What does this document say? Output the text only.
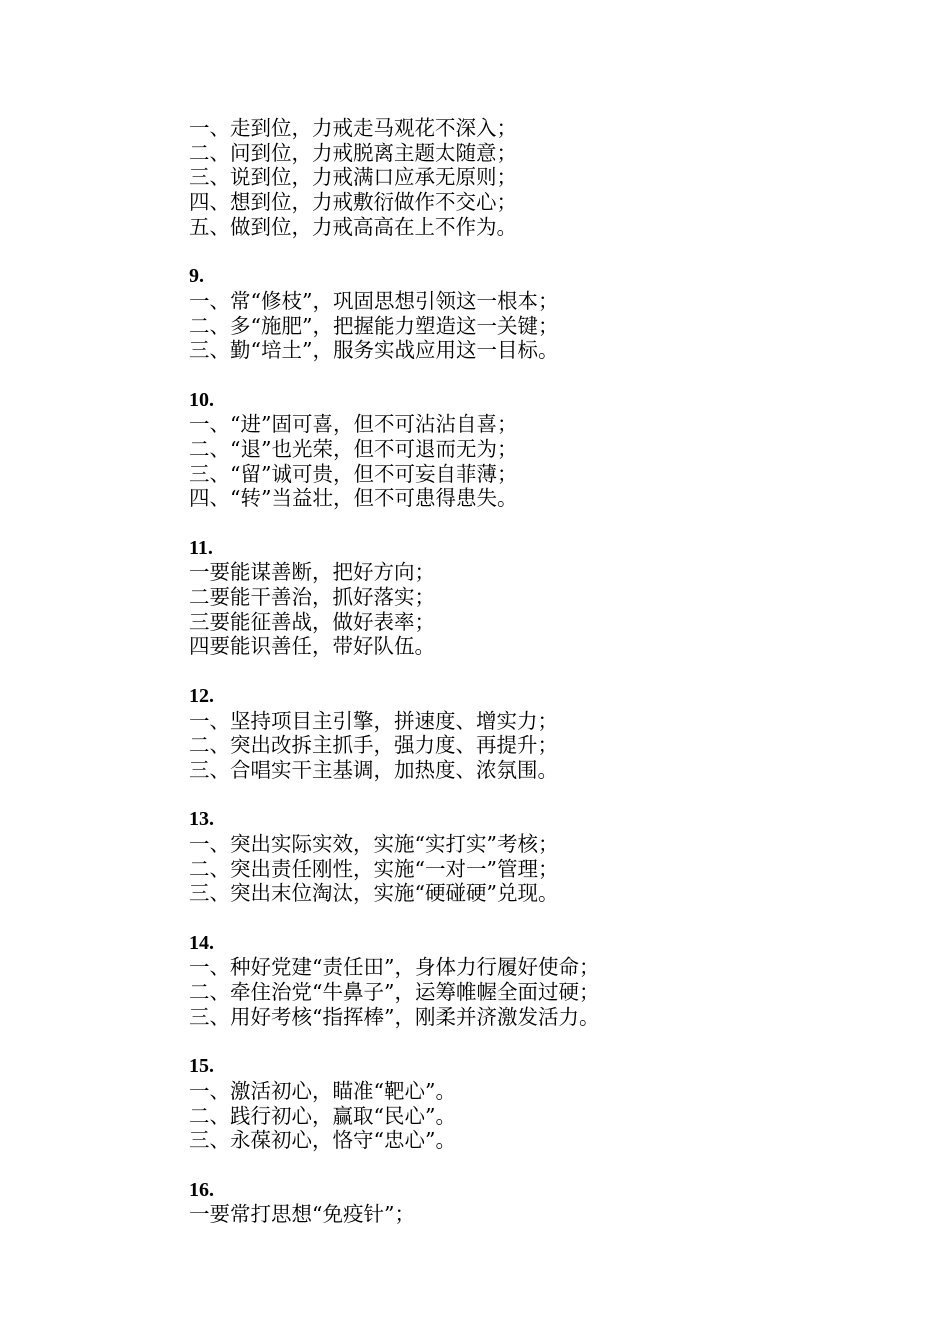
一、走到位，力戒走马观花不深入；
二、问到位，力戒脱离主题太随意；
三、说到位，力戒满口应承无原则；
四、想到位，力戒敷衍做作不交心；
五、做到位，力戒高高在上不作为。
9.
一、常“修枝”，巩固思想引领这一根本；
二、多“施肥”，把握能力塑造这一关键；
三、勤“培土”，服务实战应用这一目标。
10.
一、“进”固可喜，但不可沾沾自喜；
二、“退”也光荣，但不可退而无为；
三、“留”诚可贵，但不可妄自菲薄；
四、“转”当益壮，但不可患得患失。
11.
一要能谋善断，把好方向；
二要能干善治，抓好落实；
三要能征善战，做好表率；
四要能识善任，带好队伍。
12.
一、坚持项目主引擎，拼速度、增实力；
二、突出改拆主抓手，强力度、再提升；
三、合唱实干主基调，加热度、浓氛围。
13.
一、突出实际实效，实施“实打实”考核；
二、突出责任刚性，实施“一对一”管理；
三、突出末位淘汰，实施“硬碰硬”兑现。
14.
一、种好党建“责任田”，身体力行履好使命；
二、牵住治党“牛鼻子”，运筹帷幄全面过硬；
三、用好考核“指挥棒”，刚柔并济激发活力。
15.
一、激活初心，瞄准“靶心”。
二、践行初心，赢取“民心”。
三、永葆初心，恪守“忠心”。
16.
一要常打思想“免疫针”；
